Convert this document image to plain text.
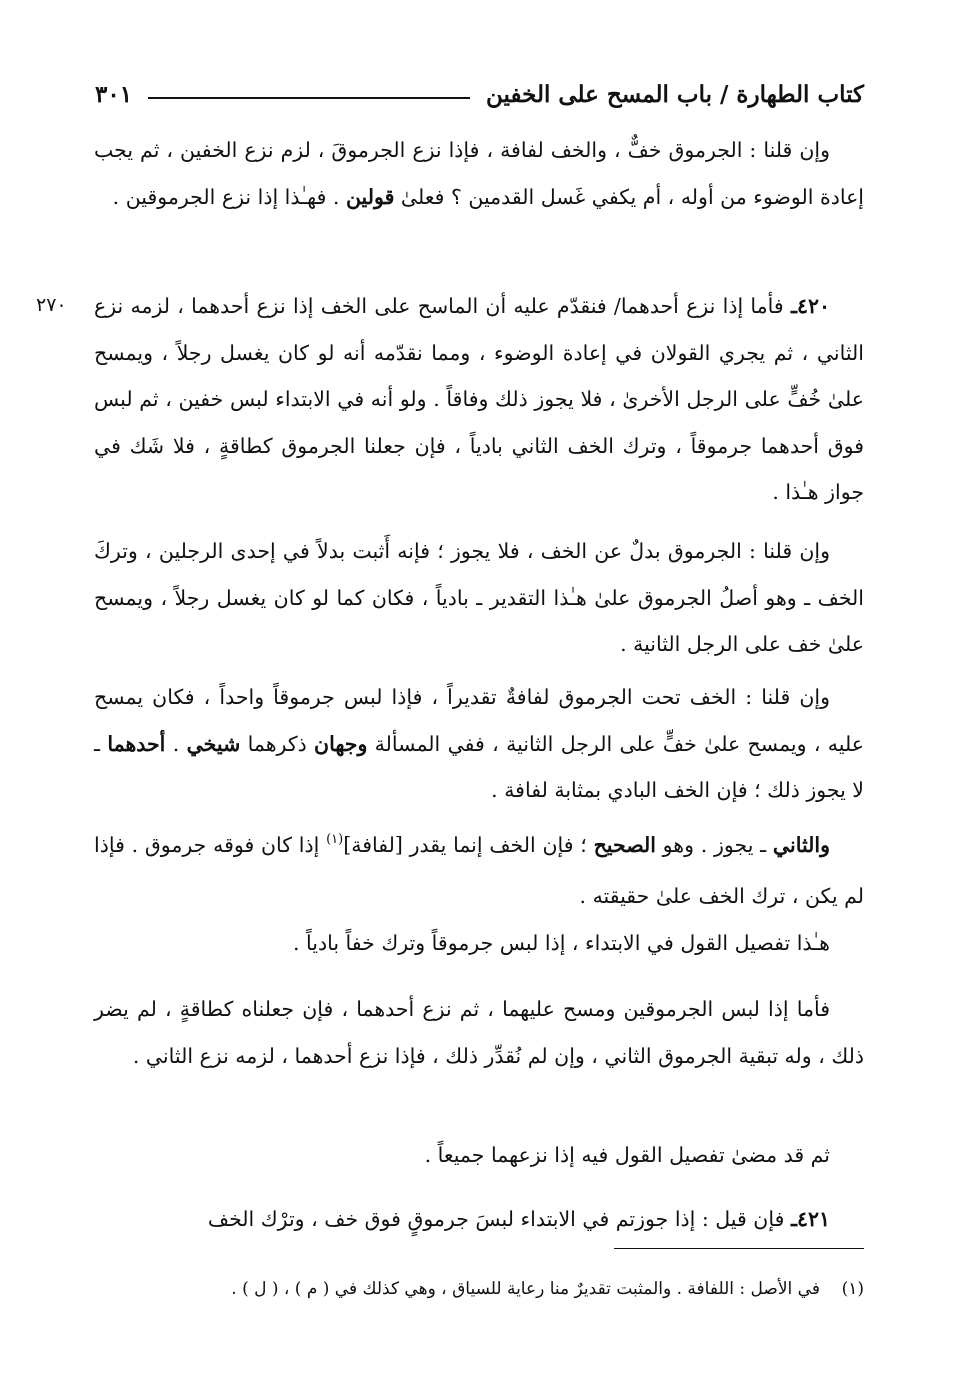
كتاب الطهارة / باب المسح على الخفين
٣٠١
٢٧٠

وإن قلنا : الجرموق خفٌّ ، والخف لفافة ، فإذا نزع الجرموقَ ، لزم نزع الخفين ، ثم يجب إعادة الوضوء من أوله ، أم يكفي غَسل القدمين ؟ فعلىٰ قولين . فهـٰذا إذا نزع الجرموقين .

٤٢٠ـ فأما إذا نزع أحدهما/ فنقدّم عليه أن الماسح على الخف إذا نزع أحدهما ، لزمه نزع الثاني ، ثم يجري القولان في إعادة الوضوء ، ومما نقدّمه أنه لو كان يغسل رجلاً ، ويمسح علىٰ خُفٍّ على الرجل الأخرىٰ ، فلا يجوز ذلك وفاقاً . ولو أنه في الابتداء لبس خفين ، ثم لبس فوق أحدهما جرموقاً ، وترك الخف الثاني بادياً ، فإن جعلنا الجرموق كطاقةٍ ، فلا شَك في جواز هـٰذا .

وإن قلنا : الجرموق بدلٌ عن الخف ، فلا يجوز ؛ فإنه أَثبت بدلاً في إحدى الرجلين ، وتركَ الخف ـ وهو أصلُ الجرموق علىٰ هـٰذا التقدير ـ بادياً ، فكان كما لو كان يغسل رجلاً ، ويمسح علىٰ خف على الرجل الثانية .

وإن قلنا : الخف تحت الجرموق لفافةٌ تقديراً ، فإذا لبس جرموقاً واحداً ، فكان يمسح عليه ، ويمسح علىٰ خفٍّ على الرجل الثانية ، ففي المسألة وجهان ذكرهما شيخي . أحدهما ـ لا يجوز ذلك ؛ فإن الخف البادي بمثابة لفافة .

والثاني ـ يجوز . وهو الصحيح ؛ فإن الخف إنما يقدر [لفافة]$^{(١)}$ إذا كان فوقه جرموق . فإذا لم يكن ، ترك الخف علىٰ حقيقته .

هـٰذا تفصيل القول في الابتداء ، إذا لبس جرموقاً وترك خفاً بادياً .

فأما إذا لبس الجرموقين ومسح عليهما ، ثم نزع أحدهما ، فإن جعلناه كطاقةٍ ، لم يضر ذلك ، وله تبقية الجرموق الثاني ، وإن لم نُقدِّر ذلك ، فإذا نزع أحدهما ، لزمه نزع الثاني .

ثم قد مضىٰ تفصيل القول فيه إذا نزعهما جميعاً .

٤٢١ـ فإن قيل : إذا جوزتم في الابتداء لبسَ جرموقٍ فوق خف ، وترْك الخف

(١)    في الأصل : اللفافة . والمثبت تقديرٌ منا رعاية للسياق ، وهي كذلك في ( م ) ، ( ل ) .
